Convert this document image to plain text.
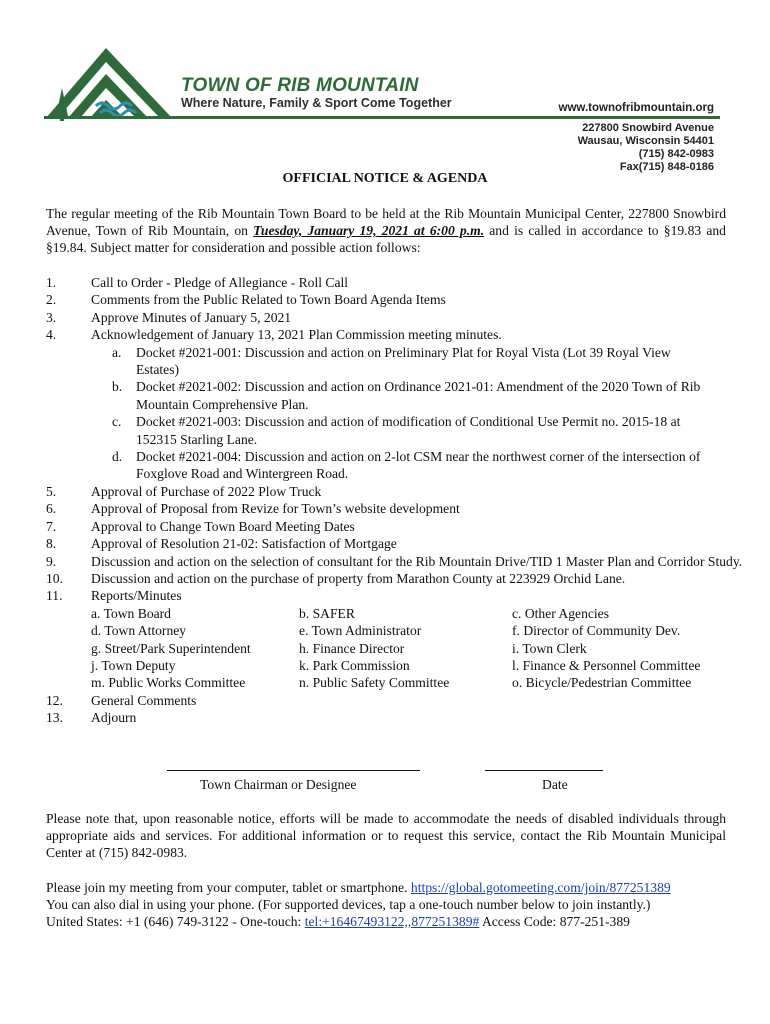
TOWN OF RIB MOUNTAIN
Where Nature, Family & Sport Come Together	www.townofribmountain.org
227800 Snowbird Avenue
Wausau, Wisconsin 54401
(715) 842-0983
Fax(715) 848-0186
OFFICIAL NOTICE & AGENDA
The regular meeting of the Rib Mountain Town Board to be held at the Rib Mountain Municipal Center, 227800 Snowbird Avenue, Town of Rib Mountain, on Tuesday, January 19, 2021 at 6:00 p.m. and is called in accordance to §19.83 and §19.84. Subject matter for consideration and possible action follows:
1.	Call to Order - Pledge of Allegiance - Roll Call
2.	Comments from the Public Related to Town Board Agenda Items
3.	Approve Minutes of January 5, 2021
4.	Acknowledgement of January 13, 2021 Plan Commission meeting minutes.
a.	Docket #2021-001: Discussion and action on Preliminary Plat for Royal Vista (Lot 39 Royal View Estates)
b.	Docket #2021-002: Discussion and action on Ordinance 2021-01: Amendment of the 2020 Town of Rib Mountain Comprehensive Plan.
c.	Docket #2021-003: Discussion and action of modification of Conditional Use Permit no. 2015-18 at 152315 Starling Lane.
d.	Docket #2021-004: Discussion and action on 2-lot CSM near the northwest corner of the intersection of Foxglove Road and Wintergreen Road.
5.	Approval of Purchase of 2022 Plow Truck
6.	Approval of Proposal from Revize for Town’s website development
7.	Approval to Change Town Board Meeting Dates
8.	Approval of Resolution 21-02: Satisfaction of Mortgage
9.	Discussion and action on the selection of consultant for the Rib Mountain Drive/TID 1 Master Plan and Corridor Study.
10.	Discussion and action on the purchase of property from Marathon County at 223929 Orchid Lane.
11.	Reports/Minutes
a. Town Board	b. SAFER	c. Other Agencies
d. Town Attorney	e. Town Administrator	f. Director of Community Dev.
g. Street/Park Superintendent	h. Finance Director	i. Town Clerk
j. Town Deputy	k. Park Commission	l. Finance & Personnel Committee
m. Public Works Committee	n. Public Safety Committee	o. Bicycle/Pedestrian Committee
12.	General Comments
13.	Adjourn
Town Chairman or Designee	Date
Please note that, upon reasonable notice, efforts will be made to accommodate the needs of disabled individuals through appropriate aids and services. For additional information or to request this service, contact the Rib Mountain Municipal Center at (715) 842-0983.
Please join my meeting from your computer, tablet or smartphone. https://global.gotomeeting.com/join/877251389
You can also dial in using your phone. (For supported devices, tap a one-touch number below to join instantly.)
United States: +1 (646) 749-3122 - One-touch: tel:+16467493122,,877251389# Access Code: 877-251-389
